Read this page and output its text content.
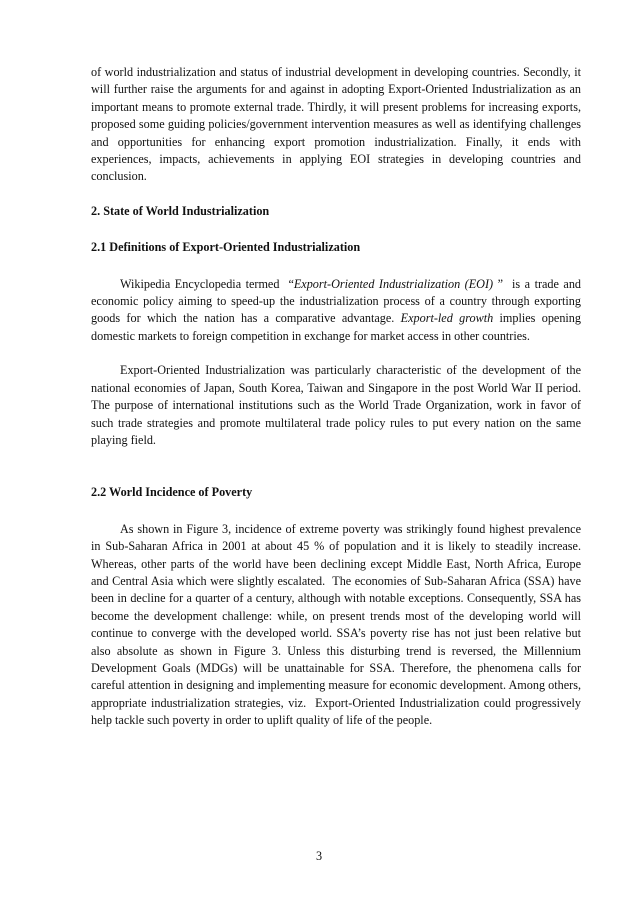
of world industrialization and status of industrial development in developing countries. Secondly, it will further raise the arguments for and against in adopting Export-Oriented Industrialization as an important means to promote external trade. Thirdly, it will present problems for increasing exports, proposed some guiding policies/government intervention measures as well as identifying challenges and opportunities for enhancing export promotion industrialization. Finally, it ends with experiences, impacts, achievements in applying EOI strategies in developing countries and conclusion.

2. State of World Industrialization
2.1 Definitions of Export-Oriented Industrialization

Wikipedia Encyclopedia termed  “Export-Oriented Industrialization (EOI) ”  is a trade and economic policy aiming to speed-up the industrialization process of a country through exporting goods for which the nation has a comparative advantage. Export-led growth implies opening domestic markets to foreign competition in exchange for market access in other countries.

Export-Oriented Industrialization was particularly characteristic of the development of the national economies of Japan, South Korea, Taiwan and Singapore in the post World War II period. The purpose of international institutions such as the World Trade Organization, work in favor of such trade strategies and promote multilateral trade policy rules to put every nation on the same playing field.

2.2 World Incidence of Poverty

As shown in Figure 3, incidence of extreme poverty was strikingly found highest prevalence in Sub-Saharan Africa in 2001 at about 45 % of population and it is likely to steadily increase. Whereas, other parts of the world have been declining except Middle East, North Africa, Europe and Central Asia which were slightly escalated.  The economies of Sub-Saharan Africa (SSA) have been in decline for a quarter of a century, although with notable exceptions. Consequently, SSA has become the development challenge: while, on present trends most of the developing world will continue to converge with the developed world. SSA’s poverty rise has not just been relative but also absolute as shown in Figure 3. Unless this disturbing trend is reversed, the Millennium Development Goals (MDGs) will be unattainable for SSA. Therefore, the phenomena calls for careful attention in designing and implementing measure for economic development. Among others, appropriate industrialization strategies, viz.  Export-Oriented Industrialization could progressively help tackle such poverty in order to uplift quality of life of the people.

3
